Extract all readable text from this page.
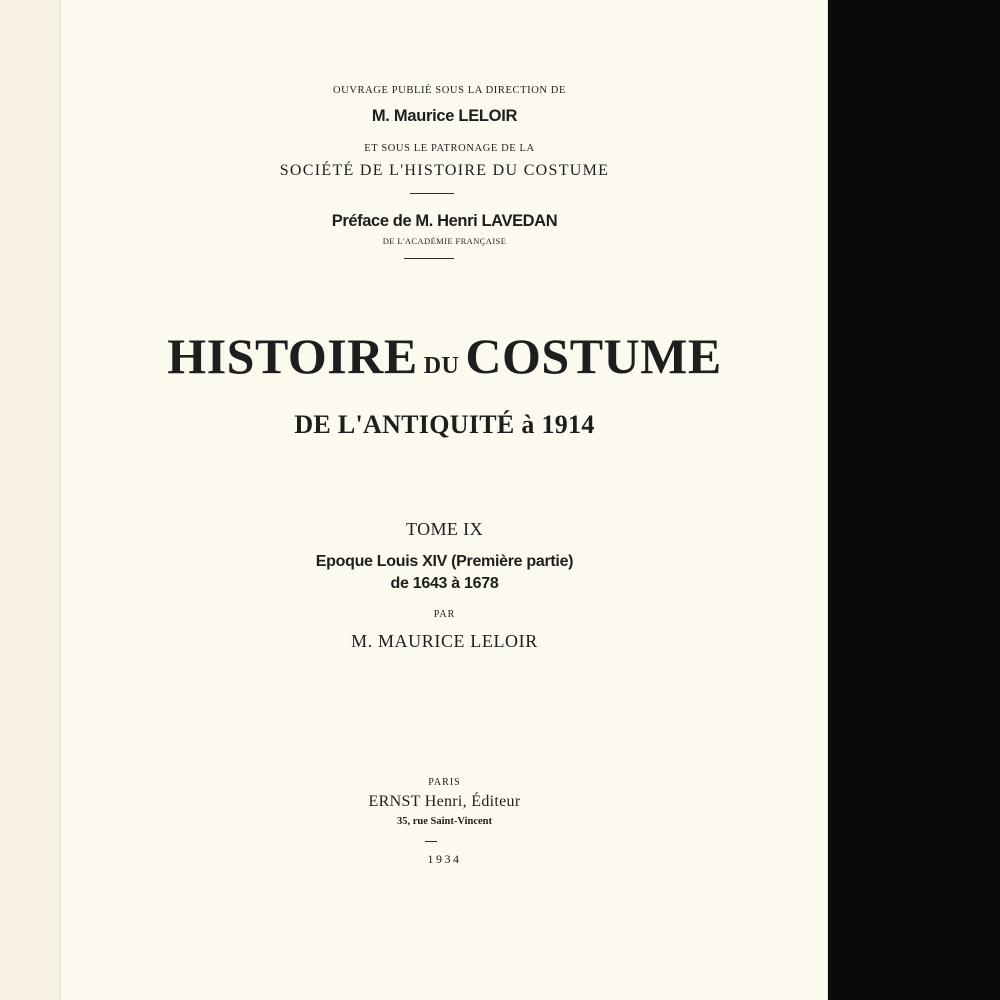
OUVRAGE PUBLIÉ SOUS LA DIRECTION DE
M. Maurice LELOIR
ET SOUS LE PATRONAGE DE LA
SOCIÉTÉ DE L'HISTOIRE DU COSTUME
Préface de M. Henri LAVEDAN
DE L'ACADÉMIE FRANÇAISE
HISTOIRE DU COSTUME
DE L'ANTIQUITÉ à 1914
TOME IX
Epoque Louis XIV (Première partie)
de 1643 à 1678
PAR
M. MAURICE LELOIR
PARIS
ERNST Henri, Éditeur
35, rue Saint-Vincent
1934
